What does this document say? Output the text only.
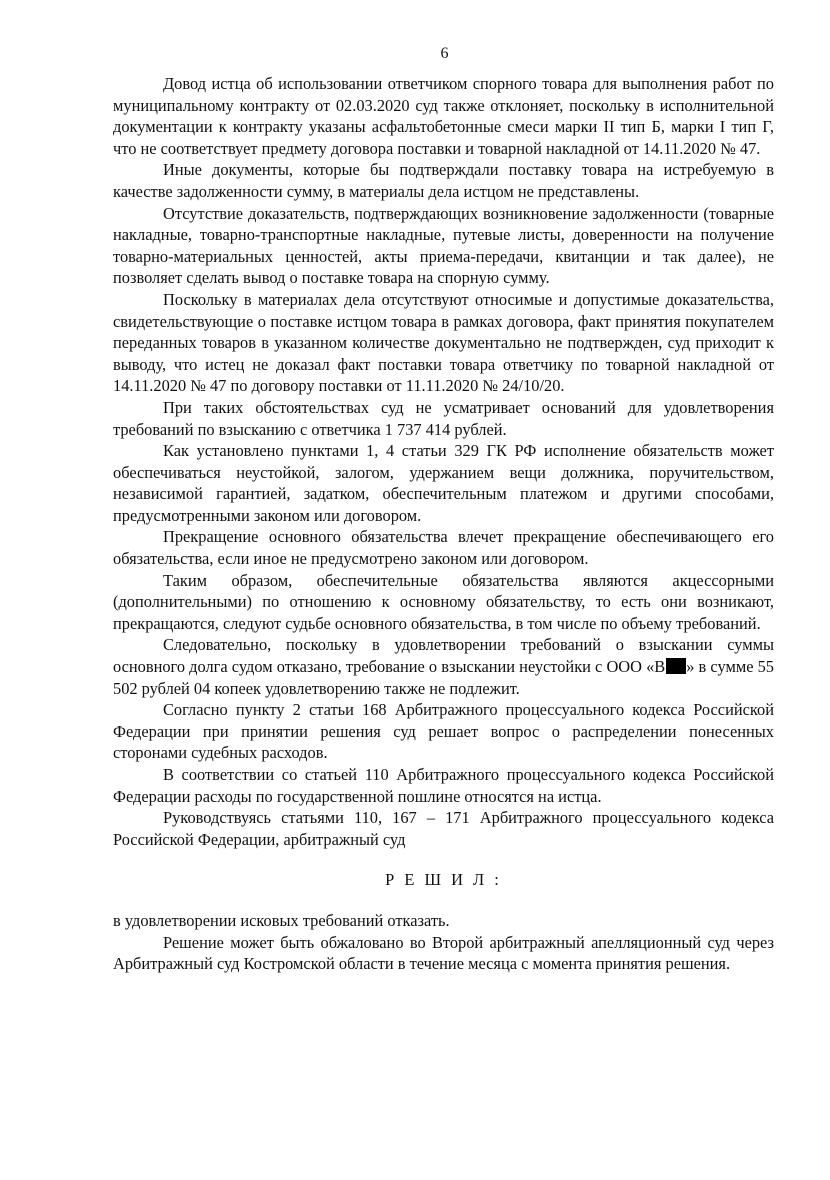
6

Довод истца об использовании ответчиком спорного товара для выполнения работ по муниципальному контракту от 02.03.2020 суд также отклоняет, поскольку в исполнительной документации к контракту указаны асфальтобетонные смеси марки II тип Б, марки I тип Г, что не соответствует предмету договора поставки и товарной накладной от 14.11.2020 № 47.

Иные документы, которые бы подтверждали поставку товара на истребуемую в качестве задолженности сумму, в материалы дела истцом не представлены.

Отсутствие доказательств, подтверждающих возникновение задолженности (товарные накладные, товарно-транспортные накладные, путевые листы, доверенности на получение товарно-материальных ценностей, акты приема-передачи, квитанции и так далее), не позволяет сделать вывод о поставке товара на спорную сумму.

Поскольку в материалах дела отсутствуют относимые и допустимые доказательства, свидетельствующие о поставке истцом товара в рамках договора, факт принятия покупателем переданных товаров в указанном количестве документально не подтвержден, суд приходит к выводу, что истец не доказал факт поставки товара ответчику по товарной накладной от 14.11.2020 № 47 по договору поставки от 11.11.2020 № 24/10/20.

При таких обстоятельствах суд не усматривает оснований для удовлетворения требований по взысканию с ответчика 1 737 414 рублей.

Как установлено пунктами 1, 4 статьи 329 ГК РФ исполнение обязательств может обеспечиваться неустойкой, залогом, удержанием вещи должника, поручительством, независимой гарантией, задатком, обеспечительным платежом и другими способами, предусмотренными законом или договором.

Прекращение основного обязательства влечет прекращение обеспечивающего его обязательства, если иное не предусмотрено законом или договором.

Таким образом, обеспечительные обязательства являются акцессорными (дополнительными) по отношению к основному обязательству, то есть они возникают, прекращаются, следуют судьбе основного обязательства, в том числе по объему требований.

Следовательно, поскольку в удовлетворении требований о взыскании суммы основного долга судом отказано, требование о взыскании неустойки с ООО «В » в сумме 55 502 рублей 04 копеек удовлетворению также не подлежит.

Согласно пункту 2 статьи 168 Арбитражного процессуального кодекса Российской Федерации при принятии решения суд решает вопрос о распределении понесенных сторонами судебных расходов.

В соответствии со статьей 110 Арбитражного процессуального кодекса Российской Федерации расходы по государственной пошлине относятся на истца.

Руководствуясь статьями 110, 167 – 171 Арбитражного процессуального кодекса Российской Федерации, арбитражный суд

Р Е Ш И Л :

в удовлетворении исковых требований отказать.

Решение может быть обжаловано во Второй арбитражный апелляционный суд через Арбитражный суд Костромской области в течение месяца с момента принятия решения.
